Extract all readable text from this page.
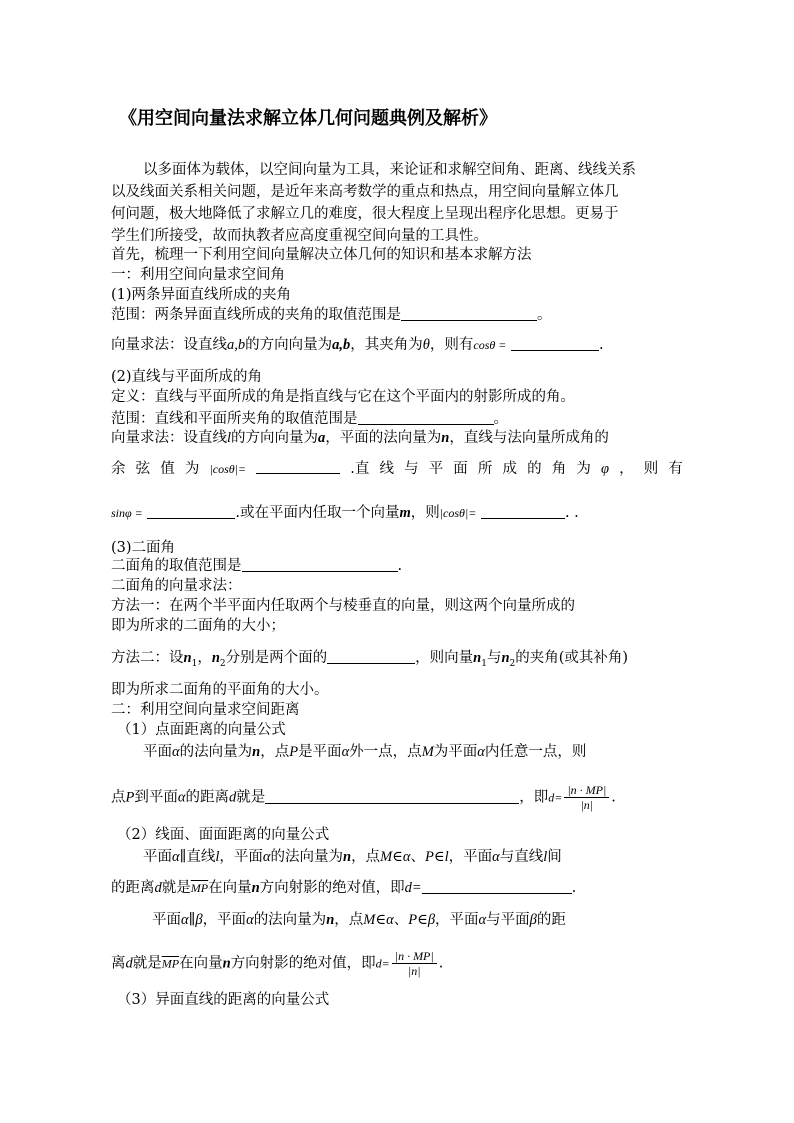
《用空间向量法求解立体几何问题典例及解析》
以多面体为载体，以空间向量为工具，来论证和求解空间角、距离、线线关系
以及线面关系相关问题，是近年来高考数学的重点和热点，用空间向量解立体几
何问题，极大地降低了求解立几的难度，很大程度上呈现出程序化思想。更易于
学生们所接受，故而执教者应高度重视空间向量的工具性。
首先，梳理一下利用空间向量解决立体几何的知识和基本求解方法
一：利用空间向量求空间角
(1)两条异面直线所成的夹角
范围：两条异面直线所成的夹角的取值范围是	。
向量求法：设直线a,b的方向向量为a,b，其夹角为θ，则有cosθ =	.
(2)直线与平面所成的角
定义：直线与平面所成的角是指直线与它在这个平面内的射影所成的角。
范围：直线和平面所夹角的取值范围是	。
向量求法：设直线l的方向向量为a，平面的法向量为n，直线与法向量所成角的
余 弦 值 为 |cosθ|=	.直 线 与 平 面 所 成 的 角 为 φ ， 则 有
sinφ =	.或在平面内任取一个向量m，则|cosθ|=	. .
(3)二面角
二面角的取值范围是	.
二面角的向量求法：
方法一：在两个半平面内任取两个与棱垂直的向量，则这两个向量所成的
即为所求的二面角的大小；
方法二：设$n_1$，$n_2$分别是两个面的	，则向量$n_1$与$n_2$的夹角(或其补角)
即为所求二面角的平面角的大小。
二：利用空间向量求空间距离
（1）点面距离的向量公式
平面α的法向量为n，点P是平面α外一点，点M为平面α内任意一点，则
点P到平面α的距离d就是	，即$d= \frac{|n \cdot MP|}{|n|}$ .
（2）线面、面面距离的向量公式
平面α∥直线l，平面α的法向量为n，点M∈α、P∈l，平面α与直线l间
的距离d就是$\overline{MP}$在向量n方向射影的绝对值，即d=	.
平面α∥β，平面α的法向量为n，点M∈α、P∈β，平面α与平面β的距
离d就是$\overline{MP}$在向量n方向射影的绝对值，即$d= \frac{|n \cdot MP|}{|n|}$ .
（3）异面直线的距离的向量公式
